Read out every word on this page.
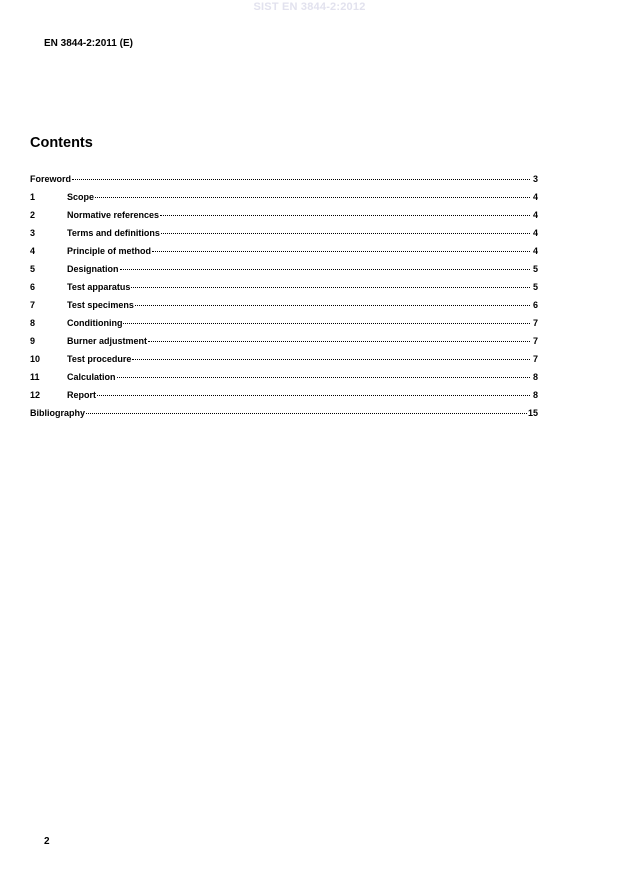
SIST EN 3844-2:2012
EN 3844-2:2011 (E)
Contents
Foreword	3
1	Scope	4
2	Normative references	4
3	Terms and definitions	4
4	Principle of method	4
5	Designation	5
6	Test apparatus	5
7	Test specimens	6
8	Conditioning	7
9	Burner adjustment	7
10	Test procedure	7
11	Calculation	8
12	Report	8
Bibliography	15
2
